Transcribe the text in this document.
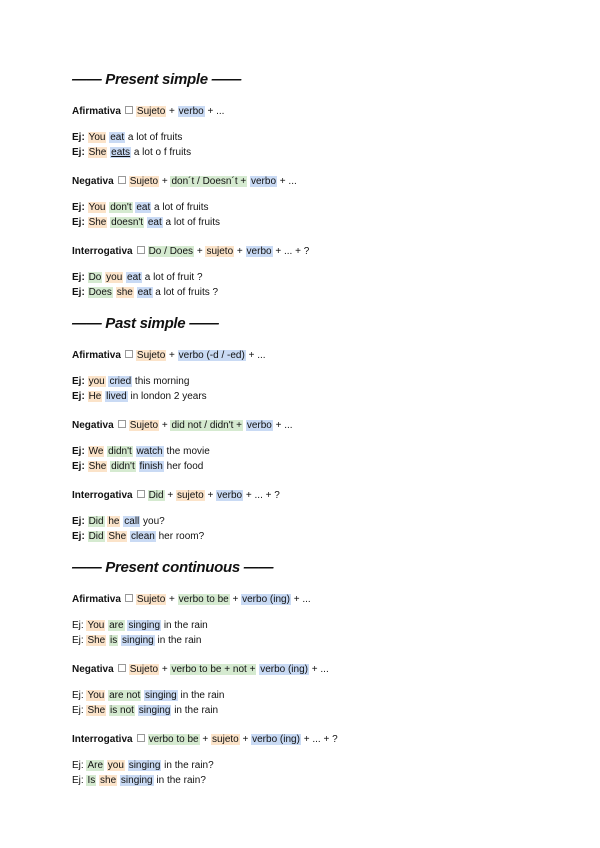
—— Present simple ——
Afirmativa Sujeto + verbo + ...
Ej: You eat a lot of fruits
Ej: She eats a lot o f fruits
Negativa Sujeto + don´t / Doesn´t + verbo + ...
Ej: You don't eat a lot of fruits
Ej: She doesn't eat a lot of fruits
Interrogativa Do / Does + sujeto + verbo + ... + ?
Ej: Do you eat a lot of fruit ?
Ej: Does she eat a lot of fruits ?
—— Past simple ——
Afirmativa Sujeto + verbo (-d / -ed) + ...
Ej: you cried this morning
Ej: He lived in london 2 years
Negativa Sujeto + did not / didn't + verbo + ...
Ej: We didn't watch the movie
Ej: She didn't finish her food
Interrogativa Did + sujeto + verbo + ... + ?
Ej: Did he call you?
Ej: Did She clean her room?
—— Present continuous ——
Afirmativa Sujeto + verbo to be + verbo (ing) + ...
Ej: You are singing in the rain
Ej: She is singing in the rain
Negativa Sujeto + verbo to be + not + verbo (ing) + ...
Ej: You are not singing in the rain
Ej: She is not singing in the rain
Interrogativa verbo to be + sujeto + verbo (ing) + ... + ?
Ej: Are you singing in the rain?
Ej: Is she singing in the rain?
